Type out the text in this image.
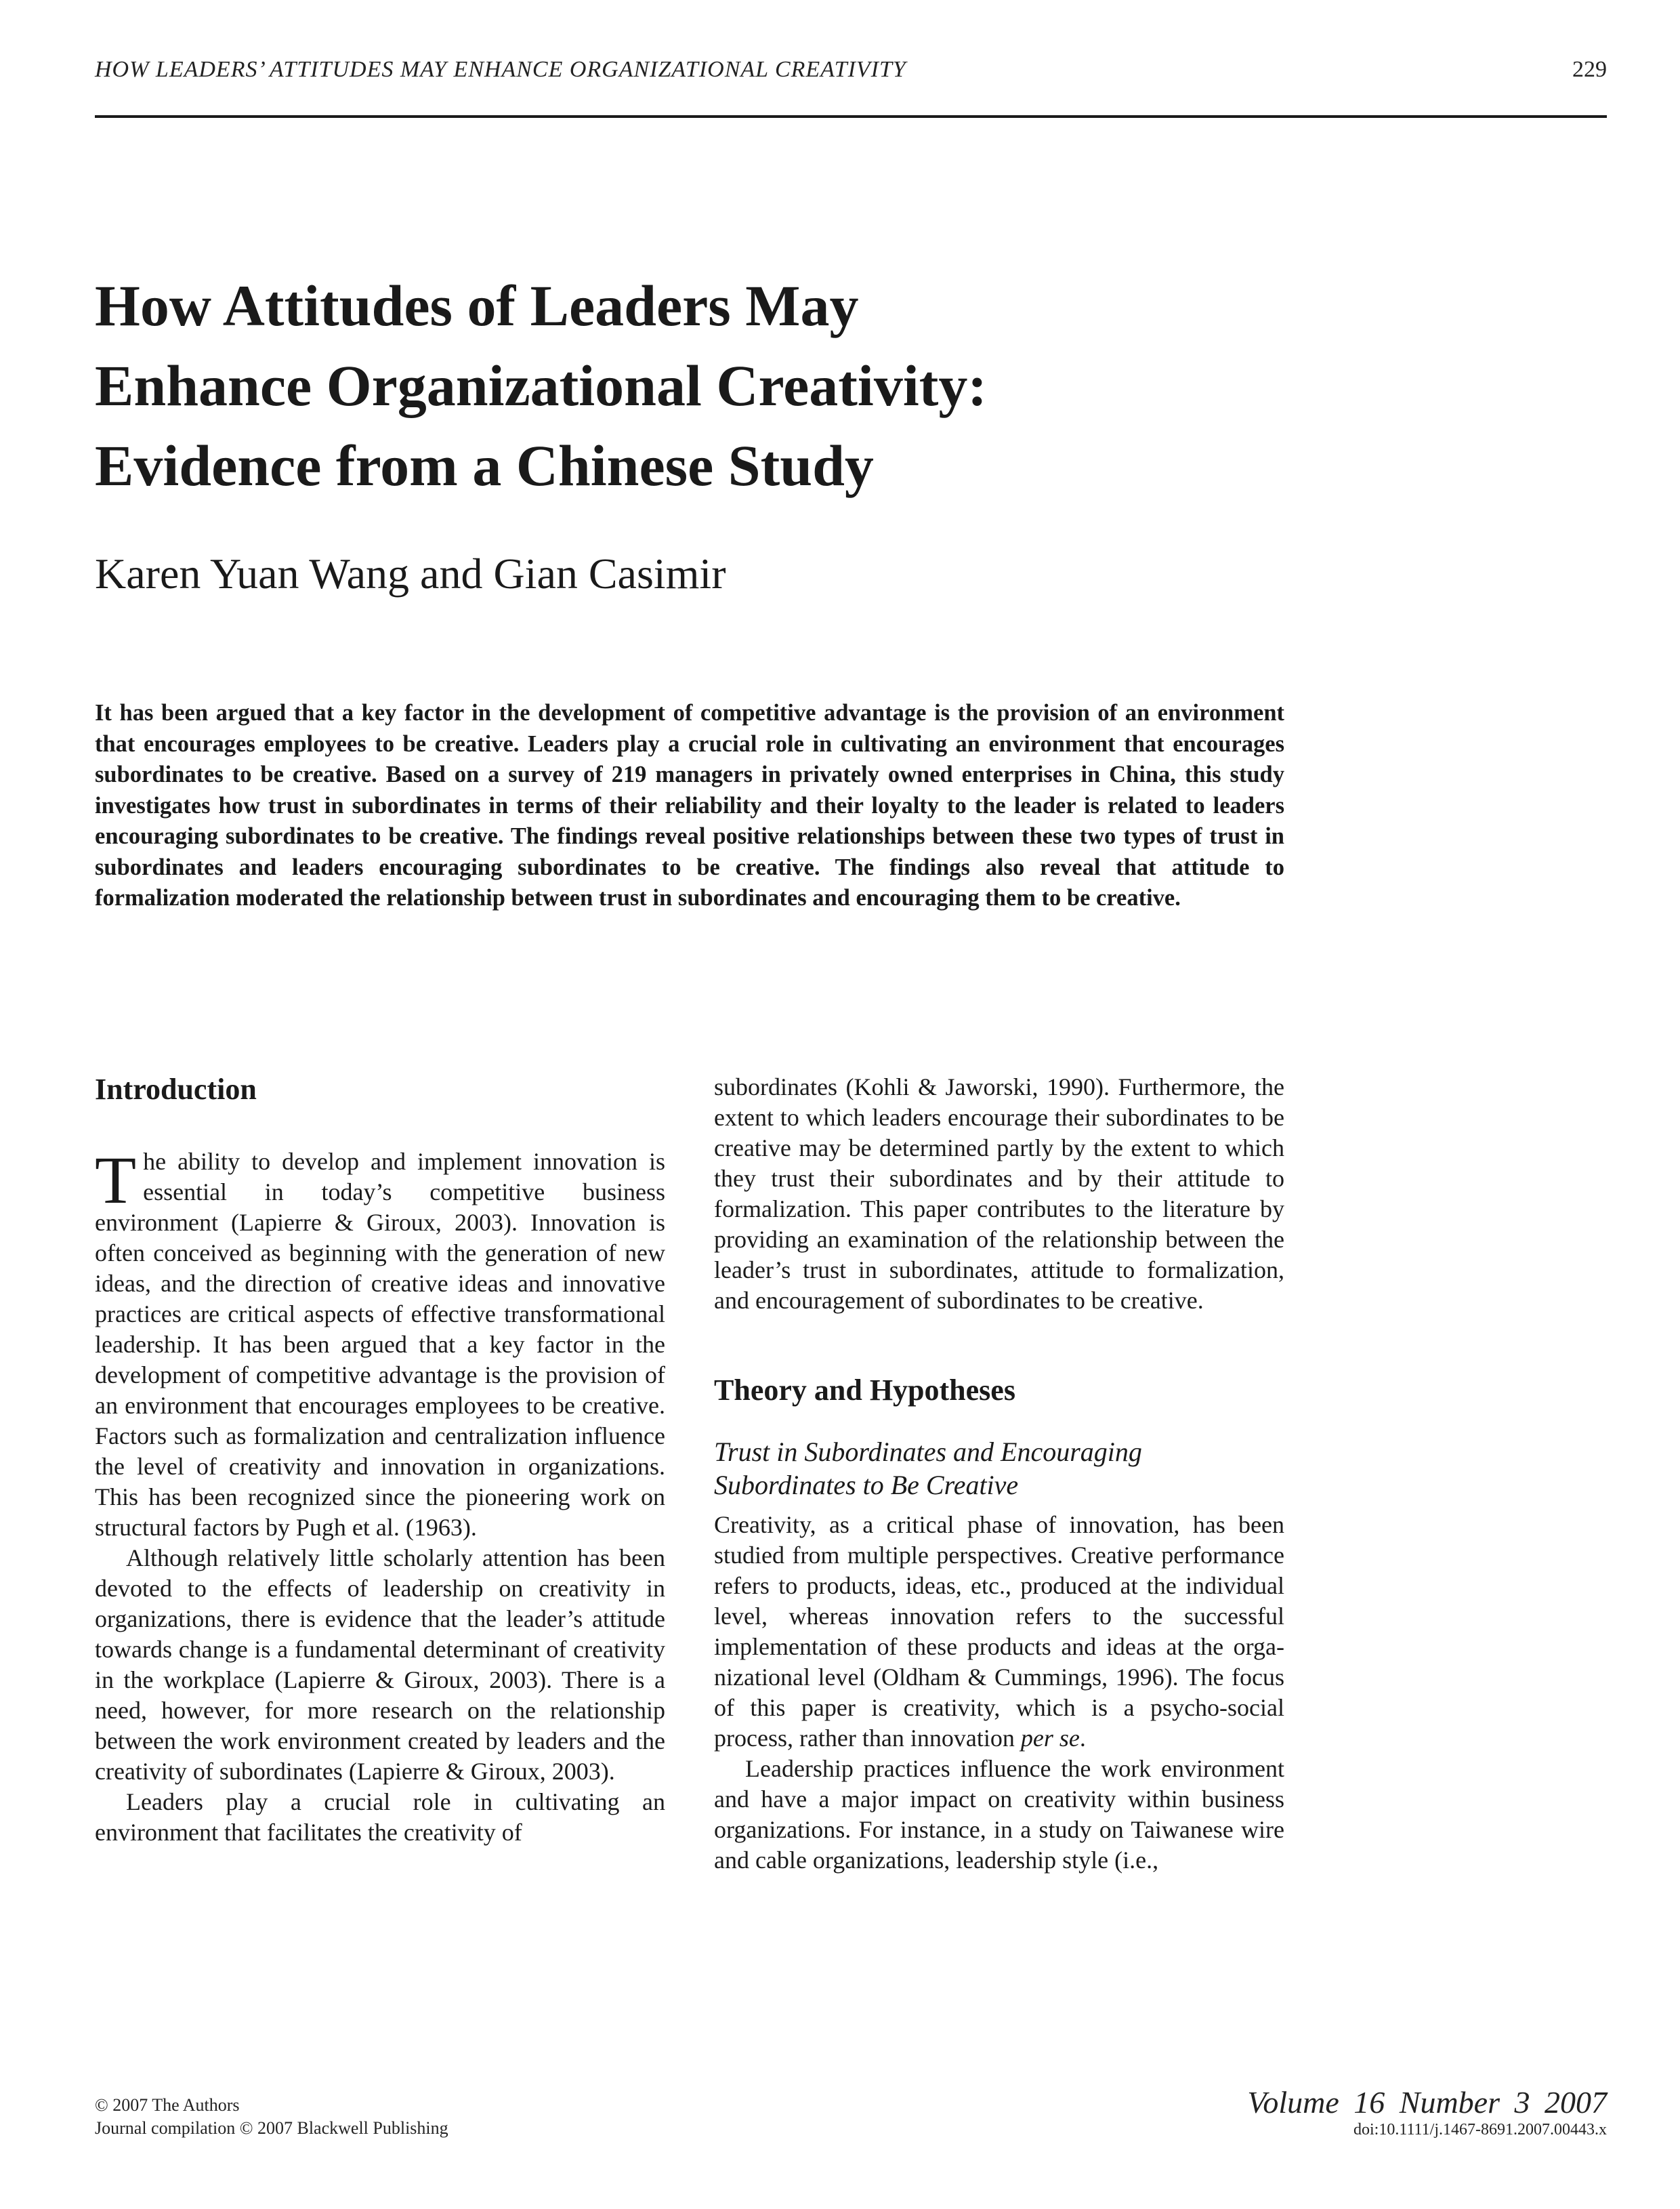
HOW LEADERS’ ATTITUDES MAY ENHANCE ORGANIZATIONAL CREATIVITY	229
How Attitudes of Leaders May
Enhance Organizational Creativity:
Evidence from a Chinese Study
Karen Yuan Wang and Gian Casimir
It has been argued that a key factor in the development of competitive advantage is the provision of an environment that encourages employees to be creative. Leaders play a crucial role in cultivating an environment that encourages subordinates to be creative. Based on a survey of 219 managers in privately owned enterprises in China, this study investigates how trust in subordinates in terms of their reliability and their loyalty to the leader is related to leaders encouraging subordinates to be creative. The findings reveal positive relationships between these two types of trust in subordinates and leaders encouraging subordinates to be creative. The findings also reveal that attitude to formalization moderated the relationship between trust in subordinates and encouraging them to be creative.
Introduction

The ability to develop and implement innovation is essential in today’s competitive business environment (Lapierre & Giroux, 2003). Innovation is often conceived as beginning with the generation of new ideas, and the direction of creative ideas and innovative practices are critical aspects of effective transformational leadership. It has been argued that a key factor in the development of competitive advantage is the provision of an environment that encourages employees to be creative. Factors such as formalization and centralization influence the level of creativity and innovation in organizations. This has been recognized since the pioneering work on structural factors by Pugh et al. (1963).

Although relatively little scholarly attention has been devoted to the effects of leadership on creativity in organizations, there is evidence that the leader’s attitude towards change is a fundamental determinant of creativity in the workplace (Lapierre & Giroux, 2003). There is a need, however, for more research on the relationship between the work environment created by leaders and the creativity of subordinates (Lapierre & Giroux, 2003).

Leaders play a crucial role in cultivating an environment that facilitates the creativity of

subordinates (Kohli & Jaworski, 1990). Furthermore, the extent to which leaders encourage their subordinates to be creative may be determined partly by the extent to which they trust their subordinates and by their attitude to formalization. This paper contributes to the literature by providing an examination of the relationship between the leader’s trust in subordinates, attitude to formalization, and encouragement of subordinates to be creative.

Theory and Hypotheses
Trust in Subordinates and Encouraging
Subordinates to Be Creative

Creativity, as a critical phase of innovation, has been studied from multiple perspectives. Creative performance refers to products, ideas, etc., produced at the individual level, whereas innovation refers to the successful implementation of these products and ideas at the organizational level (Oldham & Cummings, 1996). The focus of this paper is creativity, which is a psycho-social process, rather than innovation per se.

Leadership practices influence the work environment and have a major impact on creativity within business organizations. For instance, in a study on Taiwanese wire and cable organizations, leadership style (i.e.,

© 2007 The Authors
Journal compilation © 2007 Blackwell Publishing
Volume 16 Number 3 2007
doi:10.1111/j.1467-8691.2007.00443.x
